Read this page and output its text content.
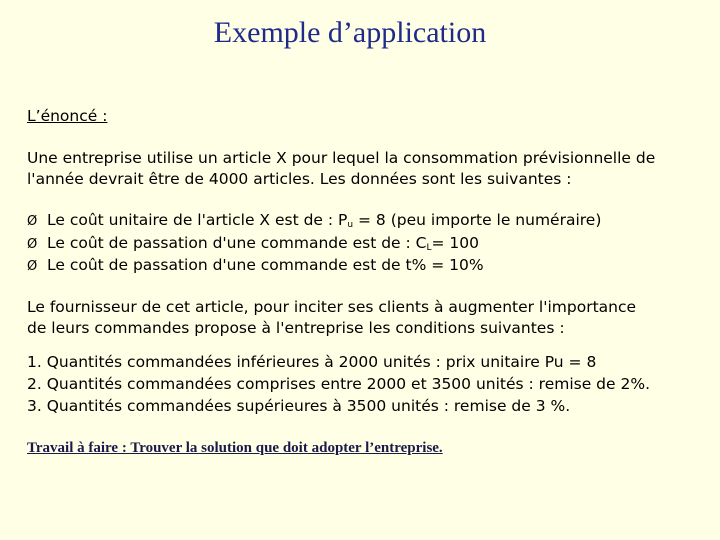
Exemple d’application
L’énoncé :
Une entreprise utilise un article X pour lequel la consommation prévisionnelle de
l'année devrait être de 4000 articles. Les données sont les suivantes :
Ø Le coût unitaire de l'article X est de : $P_u = 8$ (peu importe le numéraire)
Ø Le coût de passation d'une commande est de : $C_L= 100$
Ø Le coût de passation d'une commande est de t% = 10%
Le fournisseur de cet article, pour inciter ses clients à augmenter l'importance
de leurs commandes propose à l'entreprise les conditions suivantes :
1. Quantités commandées inférieures à 2000 unités : prix unitaire Pu = 8
2. Quantités commandées comprises entre 2000 et 3500 unités : remise de 2%.
3. Quantités commandées supérieures à 3500 unités : remise de 3 %.
Travail à faire : Trouver la solution que doit adopter l’entreprise.
